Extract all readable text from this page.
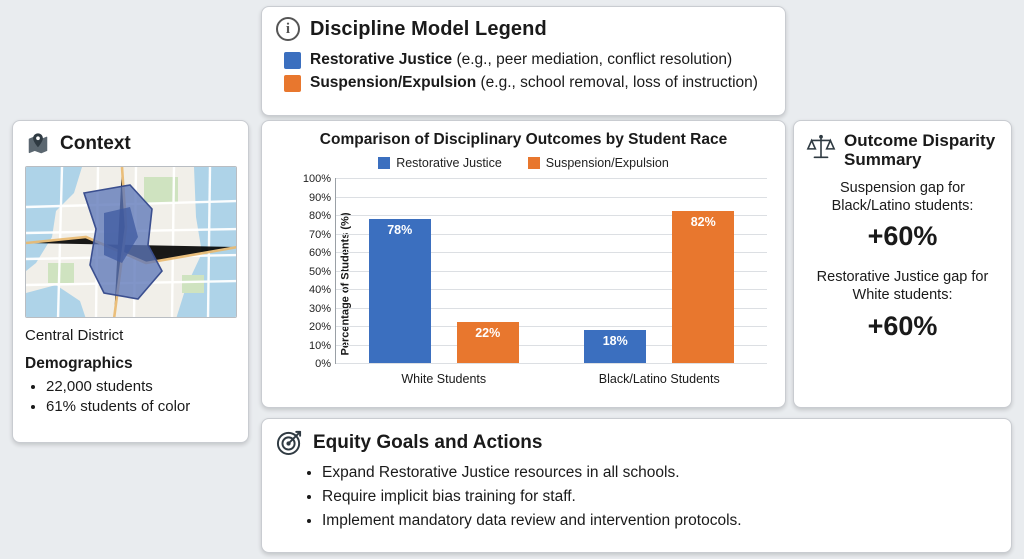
i Discipline Model Legend
Restorative Justice (e.g., peer mediation, conflict resolution)
Suspension/Expulsion (e.g., school removal, loss of instruction)
Context
Central District
Demographics
• 22,000 students
• 61% students of color
Comparison of Disciplinary Outcomes by Student Race
Restorative Justice	Suspension/Expulsion
Percentage of Students (%)
100%
90%
80%
70%
60%
50%
40%
30%
20%
10%
0%
78%
22%
White Students
18%
82%
Black/Latino Students
Outcome Disparity Summary
Suspension gap for Black/Latino students:
+60%
Restorative Justice gap for White students:
+60%
Equity Goals and Actions
• Expand Restorative Justice resources in all schools.
• Require implicit bias training for staff.
• Implement mandatory data review and intervention protocols.
